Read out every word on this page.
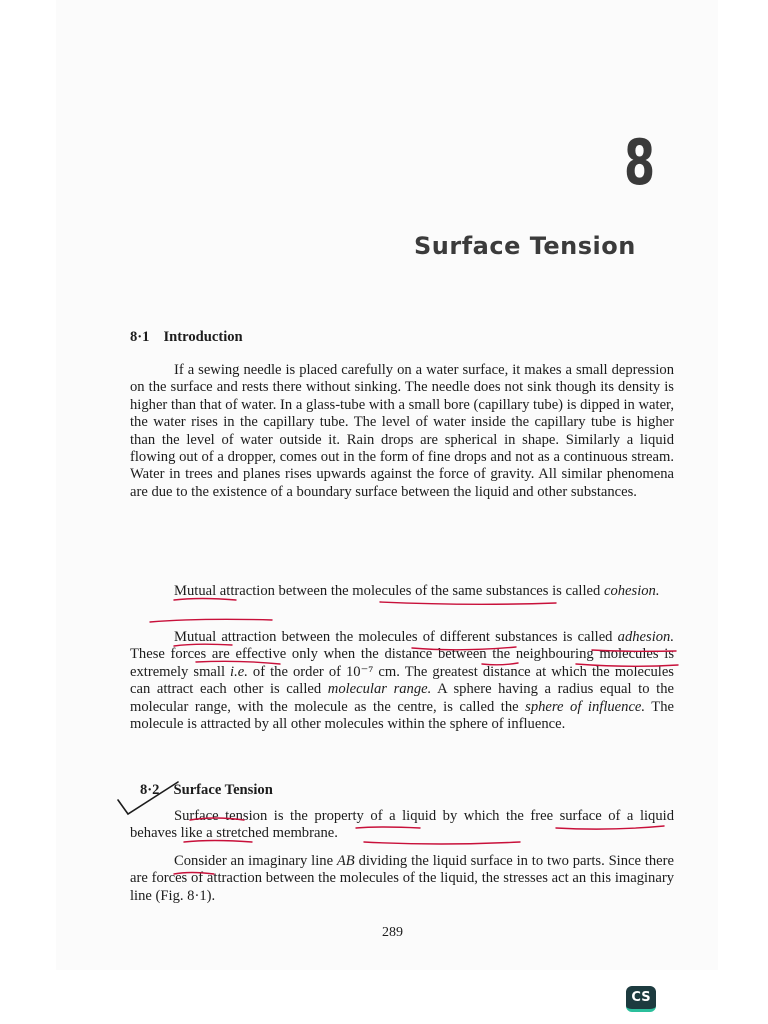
8
Surface Tension
8·1 Introduction
If a sewing needle is placed carefully on a water surface, it makes a small depression on the surface and rests there without sinking. The needle does not sink though its density is higher than that of water. In a glass-tube with a small bore (capillary tube) is dipped in water, the water rises in the capillary tube. The level of water inside the capillary tube is higher than the level of water outside it. Rain drops are spherical in shape. Similarly a liquid flowing out of a dropper, comes out in the form of fine drops and not as a continuous stream. Water in trees and planes rises upwards against the force of gravity. All similar phenomena are due to the existence of a boundary surface between the liquid and other substances.
Mutual attraction between the molecules of the same substances is called cohesion.
Mutual attraction between the molecules of different substances is called adhesion. These forces are effective only when the distance between the neighbouring molecules is extremely small i.e. of the order of 10⁻⁷ cm. The greatest distance at which the molecules can attract each other is called molecular range. A sphere having a radius equal to the molecular range, with the molecule as the centre, is called the sphere of influence. The molecule is attracted by all other molecules within the sphere of influence.
8·2 Surface Tension
Surface tension is the property of a liquid by which the free surface of a liquid behaves like a stretched membrane.
Consider an imaginary line AB dividing the liquid surface in to two parts. Since there are forces of attraction between the molecules of the liquid, the stresses act an this imaginary line (Fig. 8·1).
289
CS
